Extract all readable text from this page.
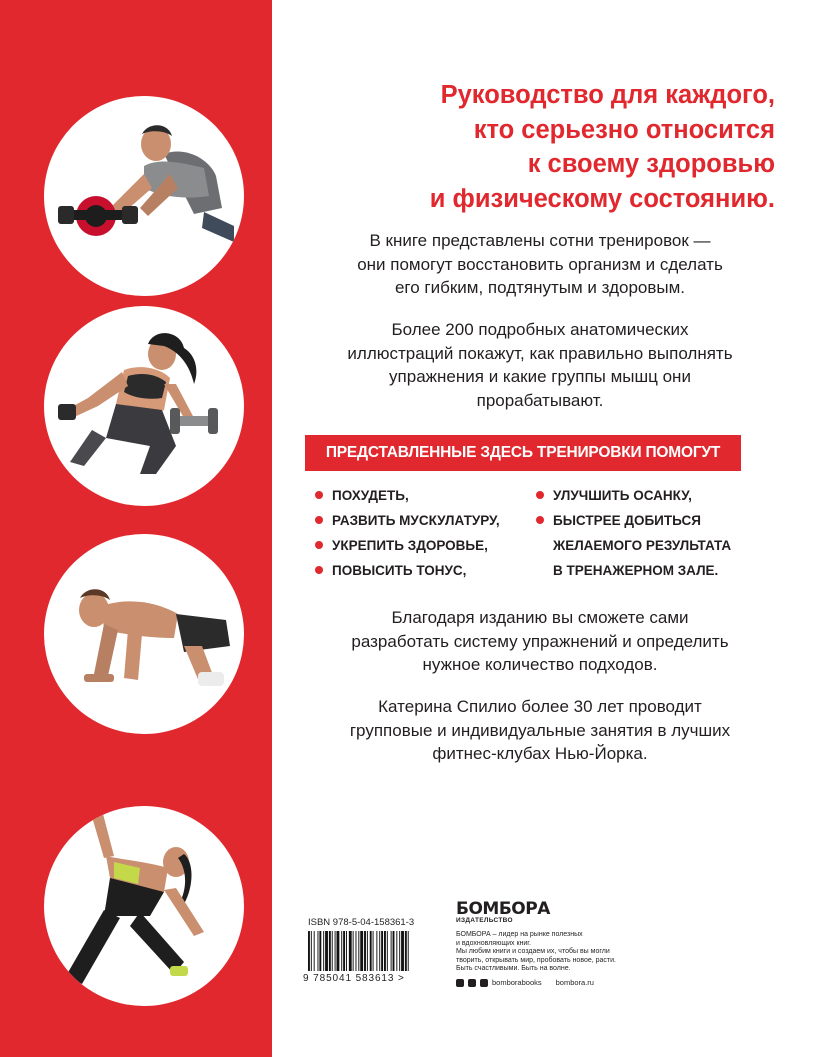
Руководство для каждого,
кто серьезно относится
к своему здоровью
и физическому состоянию.
В книге представлены сотни тренировок —
они помогут восстановить организм и сделать
его гибким, подтянутым и здоровым.
Более 200 подробных анатомических
иллюстраций покажут, как правильно выполнять
упражнения и какие группы мышц они
прорабатывают.
ПРЕДСТАВЛЕННЫЕ ЗДЕСЬ ТРЕНИРОВКИ ПОМОГУТ
ПОХУДЕТЬ,
РАЗВИТЬ МУСКУЛАТУРУ,
УКРЕПИТЬ ЗДОРОВЬЕ,
ПОВЫСИТЬ ТОНУС,
УЛУЧШИТЬ ОСАНКУ,
БЫСТРЕЕ ДОБИТЬСЯ
ЖЕЛАЕМОГО РЕЗУЛЬТАТА
В ТРЕНАЖЕРНОМ ЗАЛЕ.
Благодаря изданию вы сможете сами
разработать систему упражнений и определить
нужное количество подходов.
Катерина Спилио более 30 лет проводит
групповые и индивидуальные занятия в лучших
фитнес-клубах Нью-Йорка.
ISBN 978-5-04-158361-3
9 785041 583613 >
БОМБОРА
ИЗДАТЕЛЬСТВО
БОМБОРА – лидер на рынке полезных
и вдохновляющих книг.
Мы любим книги и создаем их, чтобы вы могли
творить, открывать мир, пробовать новое, расти.
Быть счастливыми. Быть на волне.
bomborabooks bombora.ru
